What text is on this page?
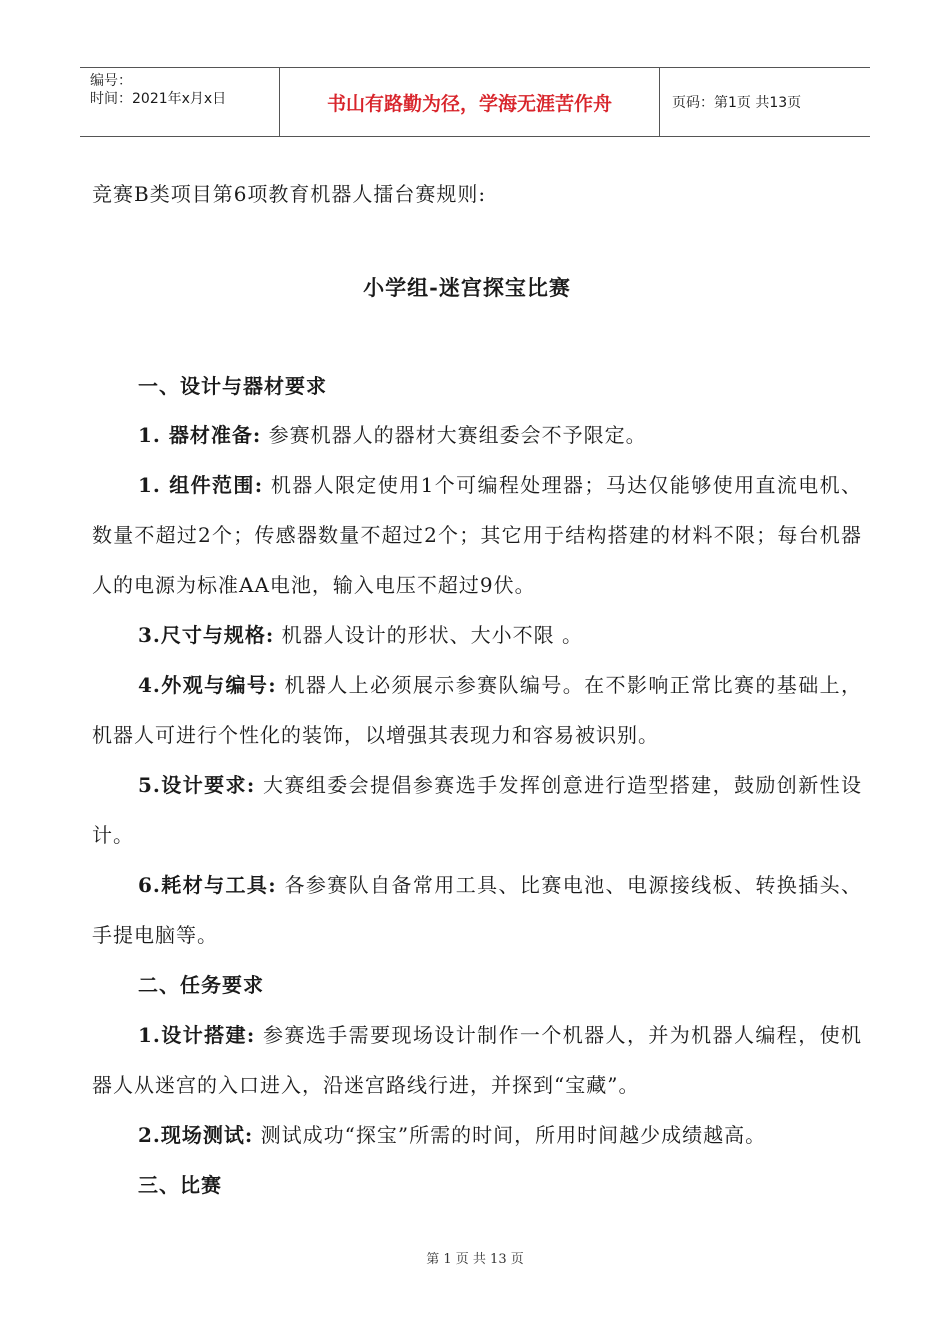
编号：
时间：2021年x月x日	书山有路勤为径，学海无涯苦作舟	页码：第1页 共13页

竞赛B类项目第6项教育机器人擂台赛规则:

小学组-迷宫探宝比赛

一、设计与器材要求

1. 器材准备: 参赛机器人的器材大赛组委会不予限定。

1. 组件范围: 机器人限定使用1个可编程处理器；马达仅能够使用直流电机、数量不超过2个；传感器数量不超过2个；其它用于结构搭建的材料不限；每台机器人的电源为标准AA电池，输入电压不超过9伏。

3.尺寸与规格: 机器人设计的形状、大小不限 。

4.外观与编号: 机器人上必须展示参赛队编号。在不影响正常比赛的基础上，机器人可进行个性化的装饰，以增强其表现力和容易被识别。

5.设计要求: 大赛组委会提倡参赛选手发挥创意进行造型搭建，鼓励创新性设计。

6.耗材与工具: 各参赛队自备常用工具、比赛电池、电源接线板、转换插头、手提电脑等。

二、任务要求

1.设计搭建: 参赛选手需要现场设计制作一个机器人，并为机器人编程，使机器人从迷宫的入口进入，沿迷宫路线行进，并探到“宝藏”。

2.现场测试: 测试成功“探宝”所需的时间，所用时间越少成绩越高。

三、比赛

第 1 页 共 13 页
